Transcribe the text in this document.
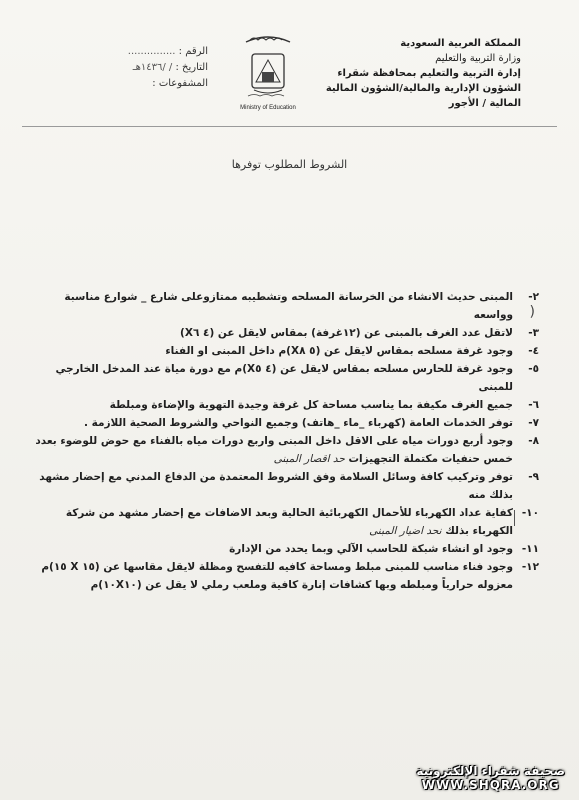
المملكة العربية السعودية
وزارة التربية والتعليم
إدارة التربية والتعليم بمحافظة شقراء
الشؤون الإدارية والمالية/الشؤون المالية
المالية / الأجور
Ministry of Education
الرقم : ...............
التاريخ : / /١٤٣٦هـ
المشفوعات :
الشروط المطلوب توفرها
)
٢-
المبنى حديث الانشاء من الخرسانة المسلحه وتشطيبه ممتازوعلى شارع _ شوارع مناسبة وواسعه
٣-
لاتقل عدد الغرف بالمبنى عن (١٢غرفة) بمقاس لايقل عن (٤ X٦)
٤-
وجود غرفة مسلحه بمقاس لايقل عن (٥ X٨)م داخل المبنى او الفناء
٥-
وجود غرفة للحارس مسلحه بمقاس لايقل عن (٤ X٥)م مع دورة مياة عند المدخل الخارجي للمبنى
٦-
جميع الغرف مكيفة بما يناسب مساحة كل غرفة وجيدة التهوية والإضاءة ومبلطة
٧-
توفر الخدمات العامة (كهرباء _ماء _هاتف) وجميع النواحي والشروط الصحية اللازمة .
٨-
وجود أربع دورات مياه على الاقل داخل المبنى واربع دورات مياه بالفناء مع حوض للوضوء بعدد خمس حنفيات مكتملة التجهيزات حد اقصار المبنى
٩-
توفر وتركيب كافة وسائل السلامة وفق الشروط المعتمدة من الدفاع المدني مع إحضار مشهد بذلك منه
١٠-
كفاية عداد الكهرباء للأحمال الكهربائية الحالية وبعد الاضافات مع إحضار مشهد من شركة الكهرباء بذلك نحد اضيار المبنى
١١-
وجود او انشاء شبكة للحاسب الآلي وبما يحدد من الإدارة
١٢-
وجود فناء مناسب للمبنى مبلط ومساحة كافيه للتفسح ومظلة لايقل مقاسها عن (١٥ X ١٥)م معزوله حرارياً ومبلطه وبها كشافات إنارة كافية وملعب رملي لا يقل عن (١٠X١٠)م
صحيفة شقراء الإلكترونية
WWW.SHQRA.ORG
